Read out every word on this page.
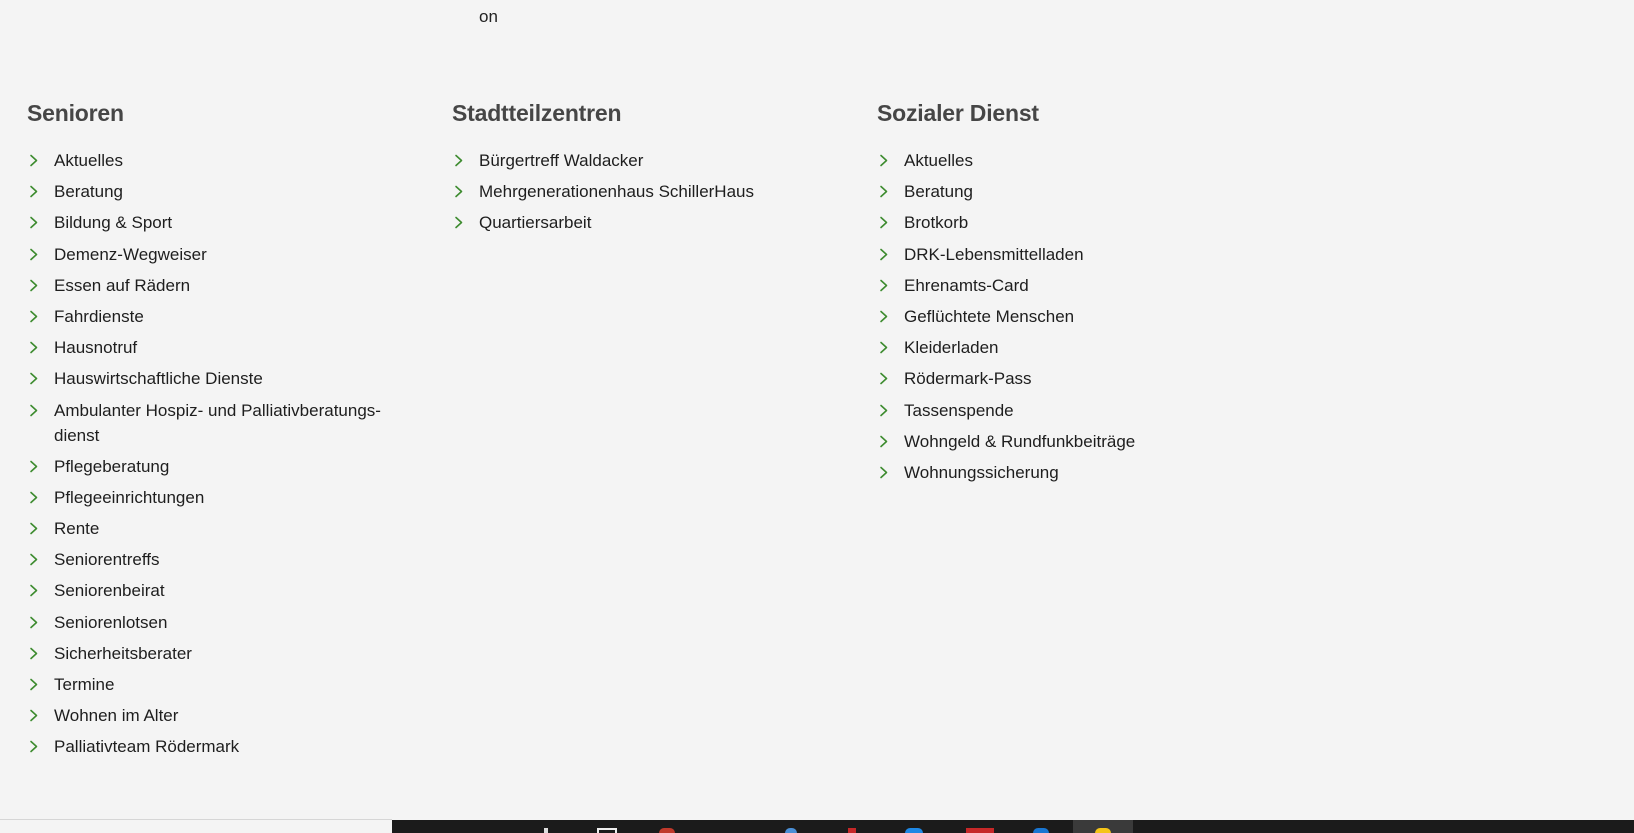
on
Senioren
Aktuelles
Beratung
Bildung & Sport
Demenz-Wegweiser
Essen auf Rädern
Fahrdienste
Hausnotruf
Hauswirtschaftliche Dienste
Ambulanter Hospiz- und Palliativberatungs-dienst
Pflegeberatung
Pflegeeinrichtungen
Rente
Seniorentreffs
Seniorenbeirat
Seniorenlotsen
Sicherheitsberater
Termine
Wohnen im Alter
Palliativteam Rödermark
Stadtteilzentren
Bürgertreff Waldacker
Mehrgenerationenhaus SchillerHaus
Quartiersarbeit
Sozialer Dienst
Aktuelles
Beratung
Brotkorb
DRK-Lebensmittelladen
Ehrenamts-Card
Geflüchtete Menschen
Kleiderladen
Rödermark-Pass
Tassenspende
Wohngeld & Rundfunkbeiträge
Wohnungssicherung
